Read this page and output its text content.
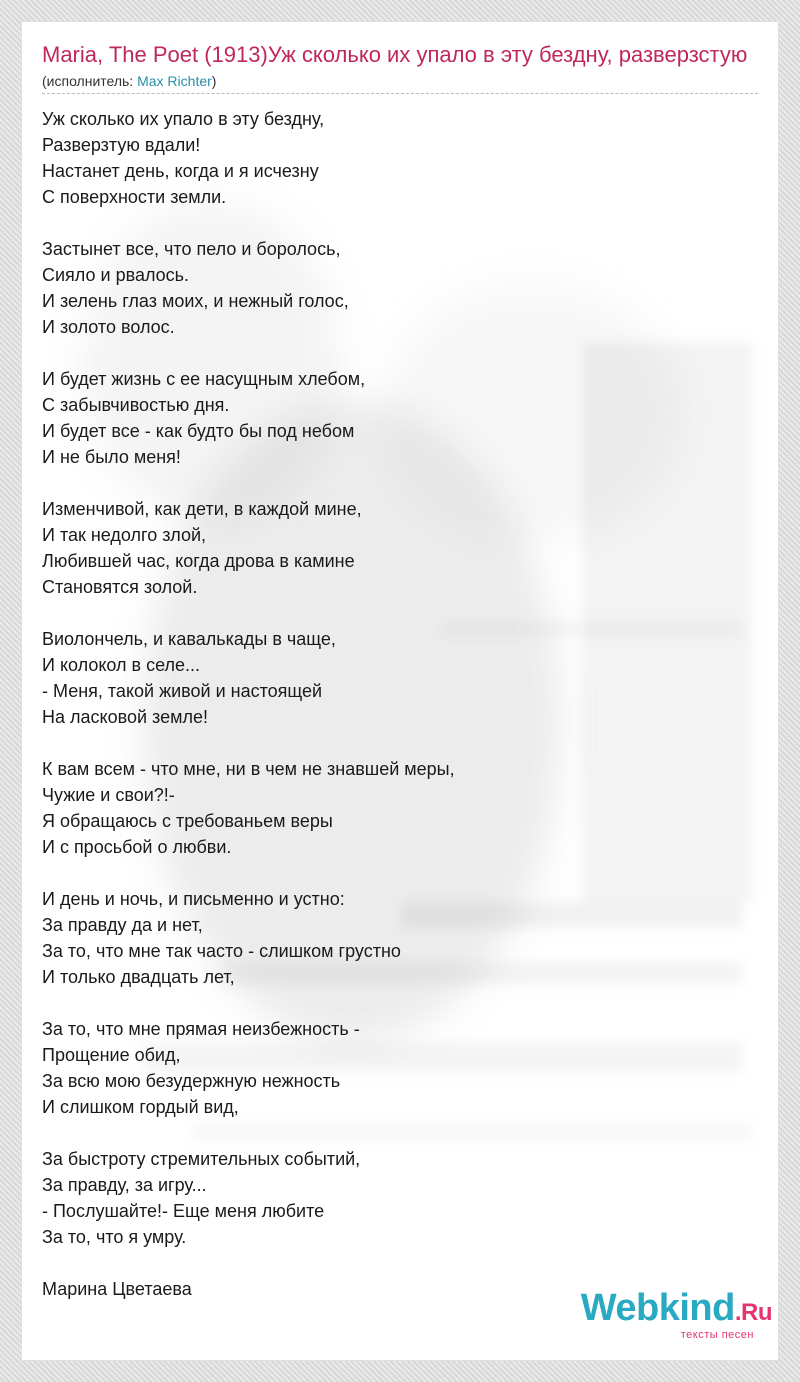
Maria, The Poet (1913)Уж сколько их упало в эту бездну, разверзстую
(исполнитель: Max Richter)
Уж сколько их упало в эту бездну,
Разверзтую вдали!
Настанет день, когда и я исчезну
С поверхности земли.
Застынет все, что пело и боролось,
Сияло и рвалось.
И зелень глаз моих, и нежный голос,
И золото волос.
И будет жизнь с ее насущным хлебом,
С забывчивостью дня.
И будет все - как будто бы под небом
И не было меня!
Изменчивой, как дети, в каждой мине,
И так недолго злой,
Любившей час, когда дрова в камине
Становятся золой.
Виолончель, и кавалькады в чаще,
И колокол в селе...
- Меня, такой живой и настоящей
На ласковой земле!
К вам всем - что мне, ни в чем не знавшей меры,
Чужие и свои?!-
Я обращаюсь с требованьем веры
И с просьбой о любви.
И день и ночь, и письменно и устно:
За правду да и нет,
За то, что мне так часто - слишком грустно
И только двадцать лет,
За то, что мне прямая неизбежность -
Прощение обид,
За всю мою безудержную нежность
И слишком гордый вид,
За быстроту стремительных событий,
За правду, за игру...
- Послушайте!- Еще меня любите
За то, что я умру.
Марина Цветаева	Webkind.Ru
тексты песен
